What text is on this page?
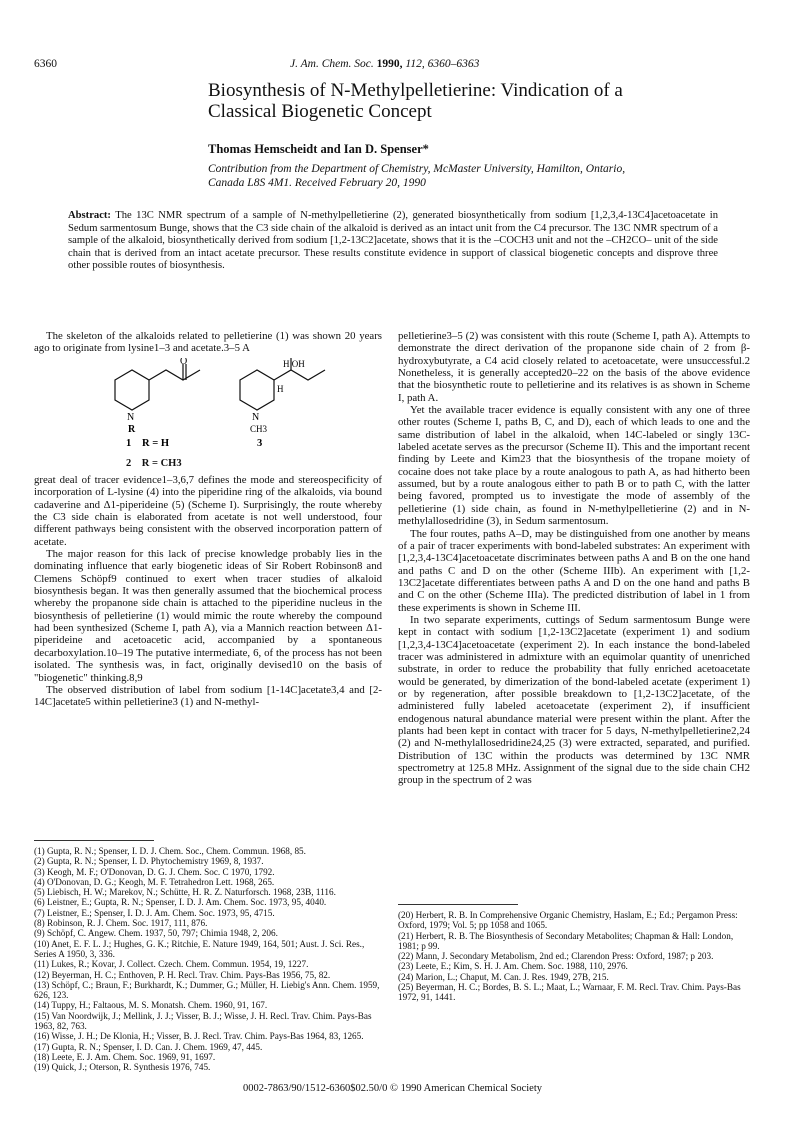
6360	J. Am. Chem. Soc. 1990, 112, 6360–6363
Biosynthesis of N-Methylpelletierine: Vindication of a
Classical Biogenetic Concept
Thomas Hemscheidt and Ian D. Spenser*
Contribution from the Department of Chemistry, McMaster University, Hamilton, Ontario,
Canada L8S 4M1. Received February 20, 1990
Abstract: The 13C NMR spectrum of a sample of N-methylpelletierine (2), generated biosynthetically from sodium [1,2,3,4-13C4]acetoacetate in Sedum sarmentosum Bunge, shows that the C3 side chain of the alkaloid is derived as an intact unit from the C4 precursor. The 13C NMR spectrum of a sample of the alkaloid, biosynthetically derived from sodium [1,2-13C2]acetate, shows that it is the –COCH3 unit and not the –CH2CO– unit of the side chain that is derived from an intact acetate precursor. These results constitute evidence in support of classical biogenetic concepts and disprove three other possible routes of biosynthesis.

The skeleton of the alkaloids related to pelletierine (1) was shown 20 years ago to originate from lysine1–3 and acetate.3–5 A

O
N
R
H OH
H
N
CH3
1 R = H	3
2 R = CH3

great deal of tracer evidence1–3,6,7 defines the mode and stereospecificity of incorporation of L-lysine (4) into the piperidine ring of the alkaloids, via bound cadaverine and Δ1-piperideine (5) (Scheme I). Surprisingly, the route whereby the C3 side chain is elaborated from acetate is not well understood, four different pathways being consistent with the observed incorporation pattern of acetate.

The major reason for this lack of precise knowledge probably lies in the dominating influence that early biogenetic ideas of Sir Robert Robinson8 and Clemens Schöpf9 continued to exert when tracer studies of alkaloid biosynthesis began. It was then generally assumed that the biochemical process whereby the propanone side chain is attached to the piperidine nucleus in the biosynthesis of pelletierine (1) would mimic the route whereby the compound had been synthesized (Scheme I, path A), via a Mannich reaction between Δ1-piperideine and acetoacetic acid, accompanied by a spontaneous decarboxylation.10–19 The putative intermediate, 6, of the process has not been isolated. The synthesis was, in fact, originally devised10 on the basis of "biogenetic" thinking.8,9

The observed distribution of label from sodium [1-14C]acetate3,4 and [2-14C]acetate5 within pelletierine3 (1) and N-methyl-

pelletierine3–5 (2) was consistent with this route (Scheme I, path A). Attempts to demonstrate the direct derivation of the propanone side chain of 2 from β-hydroxybutyrate, a C4 acid closely related to acetoacetate, were unsuccessful.2 Nonetheless, it is generally accepted20–22 on the basis of the above evidence that the biosynthetic route to pelletierine and its relatives is as shown in Scheme I, path A.

Yet the available tracer evidence is equally consistent with any one of three other routes (Scheme I, paths B, C, and D), each of which leads to one and the same distribution of label in the alkaloid, when 14C-labeled or singly 13C-labeled acetate serves as the precursor (Scheme II). This and the important recent finding by Leete and Kim23 that the biosynthesis of the tropane moiety of cocaine does not take place by a route analogous to path A, as had hitherto been assumed, but by a route analogous either to path B or to path C, with the latter being favored, prompted us to investigate the mode of assembly of the pelletierine (1) side chain, as found in N-methylpelletierine (2) and in N-methylallosedridine (3), in Sedum sarmentosum.

The four routes, paths A–D, may be distinguished from one another by means of a pair of tracer experiments with bond-labeled substrates: An experiment with [1,2,3,4-13C4]acetoacetate discriminates between paths A and B on the one hand and paths C and D on the other (Scheme IIIb). An experiment with [1,2-13C2]acetate differentiates between paths A and D on the one hand and paths B and C on the other (Scheme IIIa). The predicted distribution of label in 1 from these experiments is shown in Scheme III.

In two separate experiments, cuttings of Sedum sarmentosum Bunge were kept in contact with sodium [1,2-13C2]acetate (experiment 1) and sodium [1,2,3,4-13C4]acetoacetate (experiment 2). In each instance the bond-labeled tracer was administered in admixture with an equimolar quantity of unenriched substrate, in order to reduce the probability that fully enriched acetoacetate would be generated, by dimerization of the bond-labeled acetate (experiment 1) or by regeneration, after possible breakdown to [1,2-13C2]acetate, of the administered fully labeled acetoacetate (experiment 2), if insufficient endogenous natural abundance material were present within the plant. After the plants had been kept in contact with tracer for 5 days, N-methylpelletierine2,24 (2) and N-methylallosedridine24,25 (3) were extracted, separated, and purified. Distribution of 13C within the products was determined by 13C NMR spectrometry at 125.8 MHz. Assignment of the signal due to the side chain CH2 group in the spectrum of 2 was

(1) Gupta, R. N.; Spenser, I. D. J. Chem. Soc., Chem. Commun. 1968, 85.
(2) Gupta, R. N.; Spenser, I. D. Phytochemistry 1969, 8, 1937.
(3) Keogh, M. F.; O'Donovan, D. G. J. Chem. Soc. C 1970, 1792.
(4) O'Donovan, D. G.; Keogh, M. F. Tetrahedron Lett. 1968, 265.
(5) Liebisch, H. W.; Marekov, N.; Schütte, H. R. Z. Naturforsch. 1968, 23B, 1116.
(6) Leistner, E.; Gupta, R. N.; Spenser, I. D. J. Am. Chem. Soc. 1973, 95, 4040.
(7) Leistner, E.; Spenser, I. D. J. Am. Chem. Soc. 1973, 95, 4715.
(8) Robinson, R. J. Chem. Soc. 1917, 111, 876.
(9) Schöpf, C. Angew. Chem. 1937, 50, 797; Chimia 1948, 2, 206.
(10) Anet, E. F. L. J.; Hughes, G. K.; Ritchie, E. Nature 1949, 164, 501; Aust. J. Sci. Res., Series A 1950, 3, 336.
(11) Lukes, R.; Kovar, J. Collect. Czech. Chem. Commun. 1954, 19, 1227.
(12) Beyerman, H. C.; Enthoven, P. H. Recl. Trav. Chim. Pays-Bas 1956, 75, 82.
(13) Schöpf, C.; Braun, F.; Burkhardt, K.; Dummer, G.; Müller, H. Liebig's Ann. Chem. 1959, 626, 123.
(14) Tuppy, H.; Faltaous, M. S. Monatsh. Chem. 1960, 91, 167.
(15) Van Noordwijk, J.; Mellink, J. J.; Visser, B. J.; Wisse, J. H. Recl. Trav. Chim. Pays-Bas 1963, 82, 763.
(16) Wisse, J. H.; De Klonia, H.; Visser, B. J. Recl. Trav. Chim. Pays-Bas 1964, 83, 1265.
(17) Gupta, R. N.; Spenser, I. D. Can. J. Chem. 1969, 47, 445.
(18) Leete, E. J. Am. Chem. Soc. 1969, 91, 1697.
(19) Quick, J.; Oterson, R. Synthesis 1976, 745.
(20) Herbert, R. B. In Comprehensive Organic Chemistry, Haslam, E.; Ed.; Pergamon Press: Oxford, 1979; Vol. 5; pp 1058 and 1065.
(21) Herbert, R. B. The Biosynthesis of Secondary Metabolites; Chapman & Hall: London, 1981; p 99.
(22) Mann, J. Secondary Metabolism, 2nd ed.; Clarendon Press: Oxford, 1987; p 203.
(23) Leete, E.; Kim, S. H. J. Am. Chem. Soc. 1988, 110, 2976.
(24) Marion, L.; Chaput, M. Can. J. Res. 1949, 27B, 215.
(25) Beyerman, H. C.; Bordes, B. S. L.; Maat, L.; Warnaar, F. M. Recl. Trav. Chim. Pays-Bas 1972, 91, 1441.
0002-7863/90/1512-6360$02.50/0 © 1990 American Chemical Society
